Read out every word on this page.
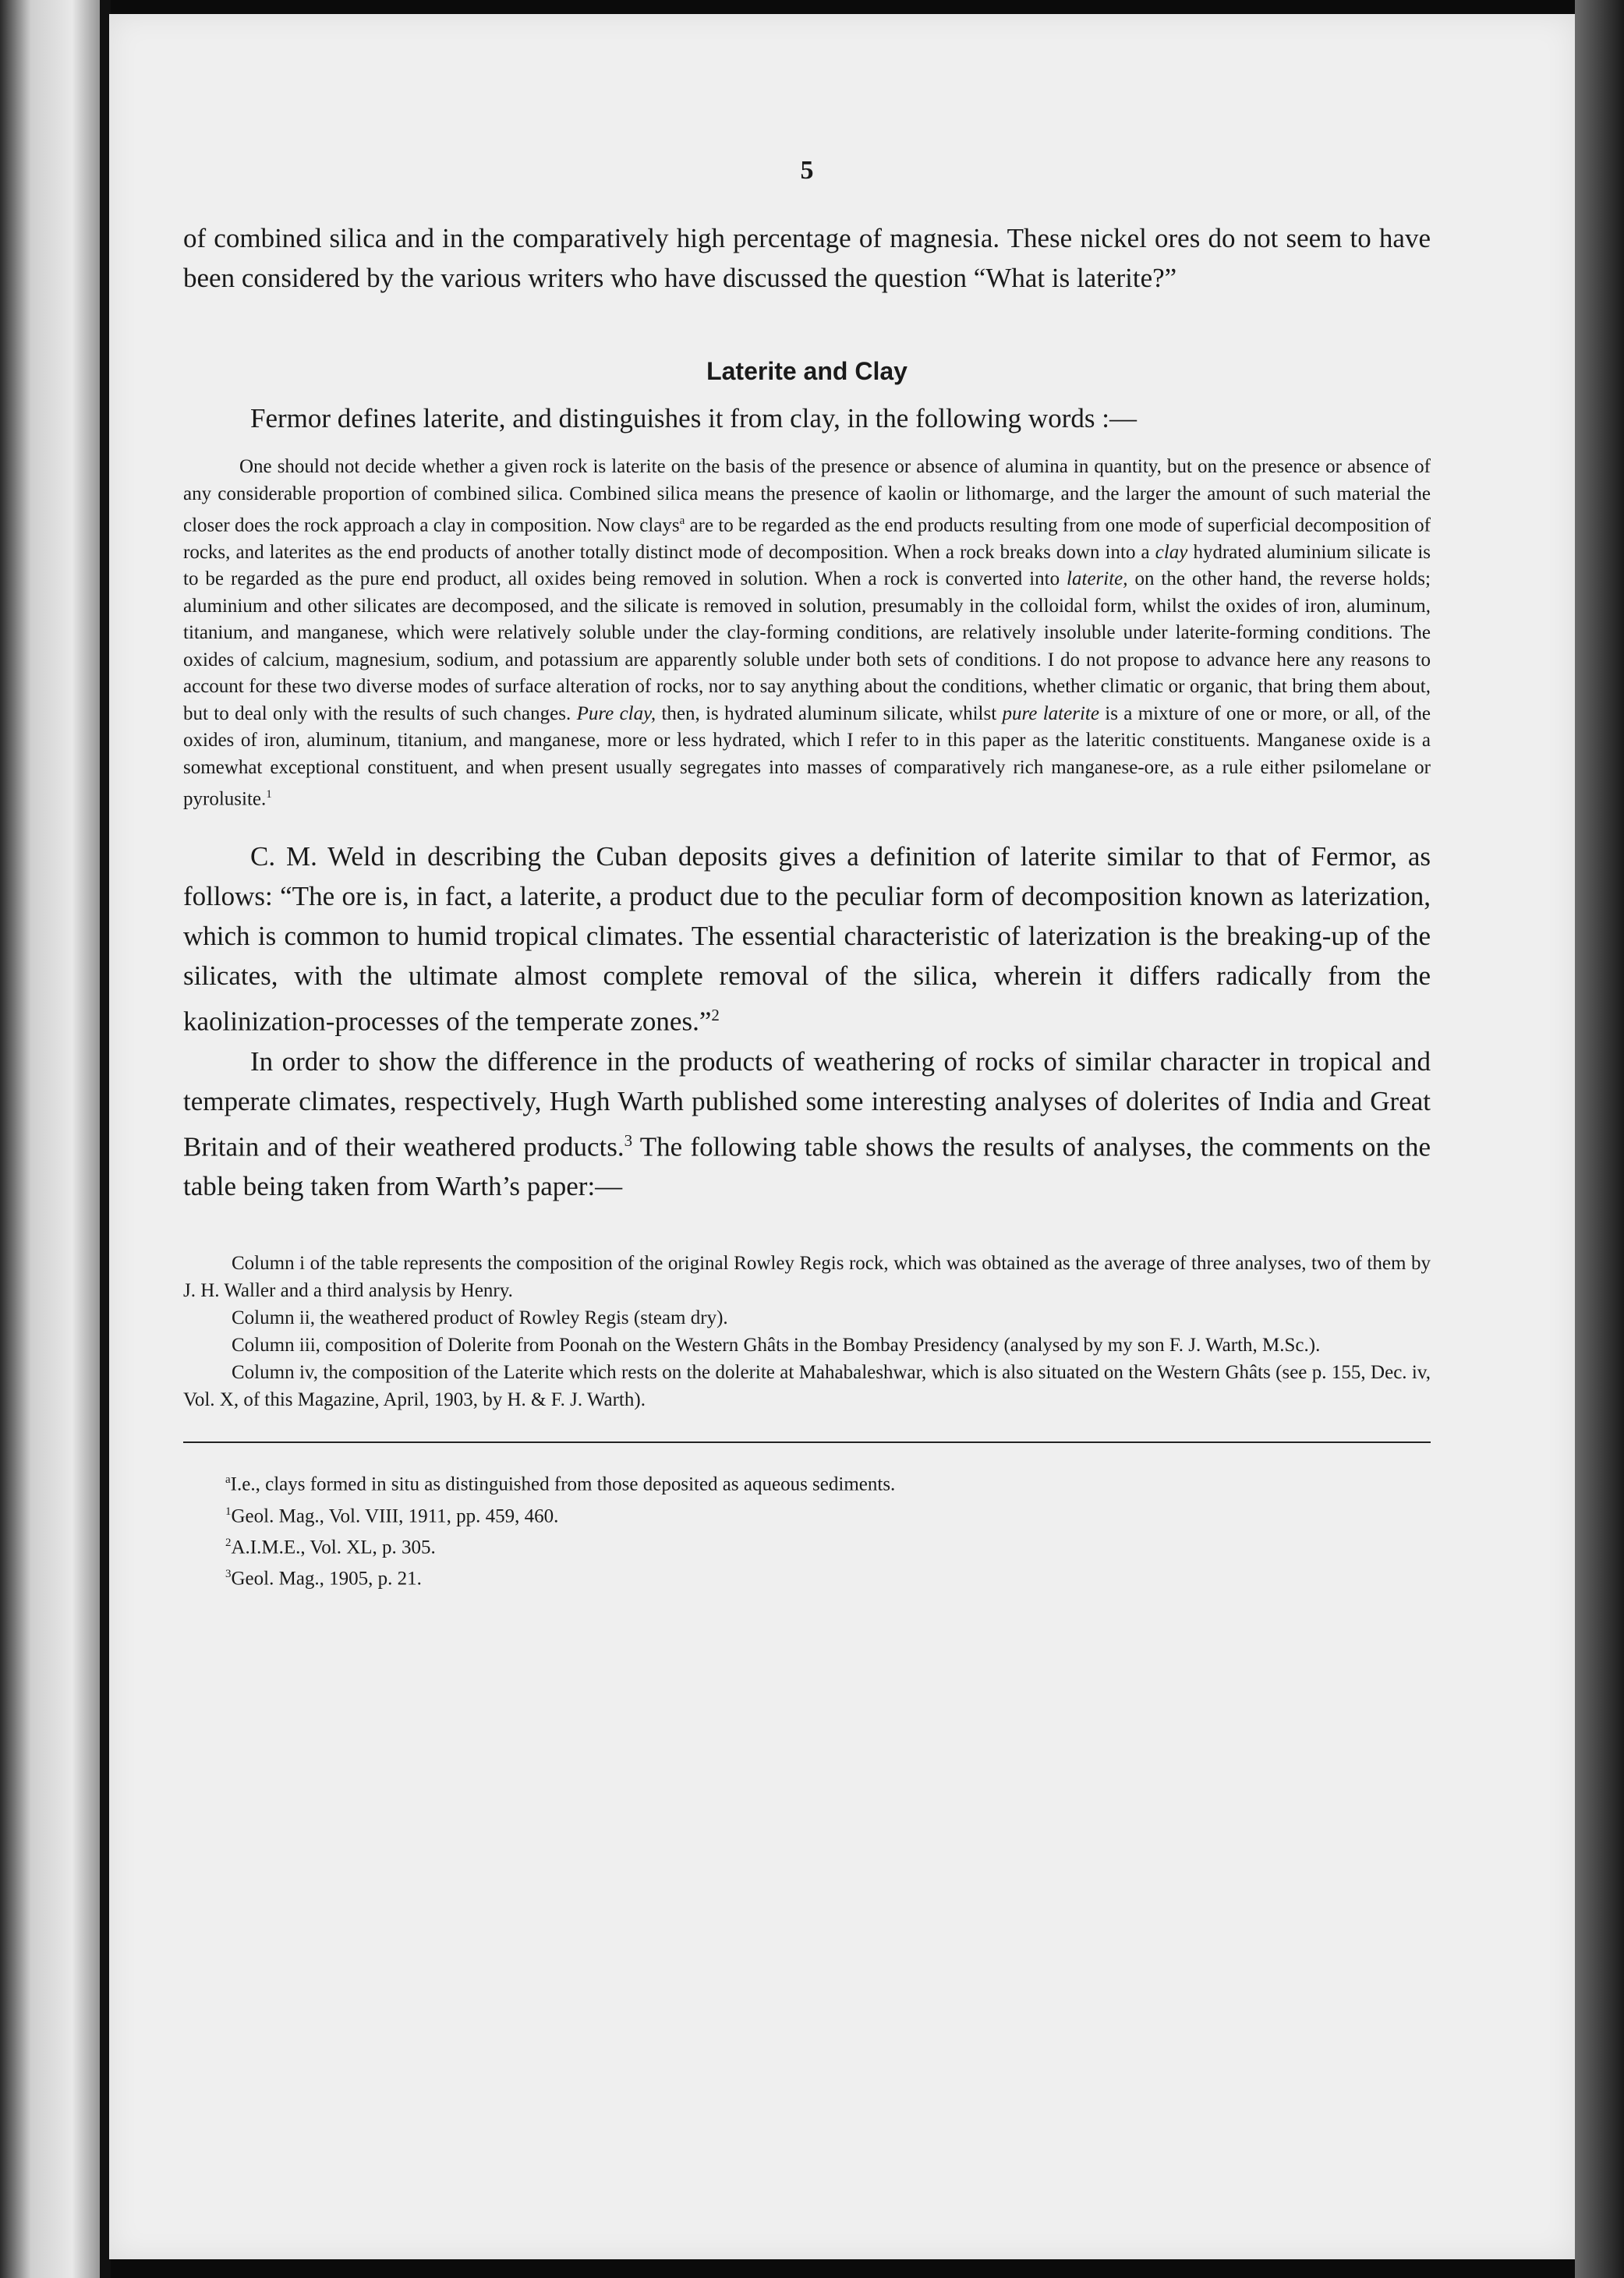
5

of combined silica and in the comparatively high percentage of magnesia. These nickel ores do not seem to have been considered by the various writers who have discussed the question “What is laterite?”

Laterite and Clay

Fermor defines laterite, and distinguishes it from clay, in the following words :—

One should not decide whether a given rock is laterite on the basis of the presence or absence of alumina in quantity, but on the presence or absence of any considerable proportion of combined silica. Combined silica means the presence of kaolin or lithomarge, and the larger the amount of such material the closer does the rock approach a clay in composition. Now clays$^a$ are to be regarded as the end products resulting from one mode of superficial decomposition of rocks, and laterites as the end products of another totally distinct mode of decomposition. When a rock breaks down into a clay hydrated aluminium silicate is to be regarded as the pure end product, all oxides being removed in solution. When a rock is converted into laterite, on the other hand, the reverse holds; aluminium and other silicates are decomposed, and the silicate is removed in solution, presumably in the colloidal form, whilst the oxides of iron, aluminum, titanium, and manganese, which were relatively soluble under the clay-forming conditions, are relatively insoluble under laterite-forming conditions. The oxides of calcium, magnesium, sodium, and potassium are apparently soluble under both sets of conditions. I do not propose to advance here any reasons to account for these two diverse modes of surface alteration of rocks, nor to say anything about the conditions, whether climatic or organic, that bring them about, but to deal only with the results of such changes. Pure clay, then, is hydrated aluminum silicate, whilst pure laterite is a mixture of one or more, or all, of the oxides of iron, aluminum, titanium, and manganese, more or less hydrated, which I refer to in this paper as the lateritic constituents. Manganese oxide is a somewhat exceptional constituent, and when present usually segregates into masses of comparatively rich manganese-ore, as a rule either psilomelane or pyrolusite.$^1$

C. M. Weld in describing the Cuban deposits gives a definition of laterite similar to that of Fermor, as follows: “The ore is, in fact, a laterite, a product due to the peculiar form of decomposition known as laterization, which is common to humid tropical climates. The essential characteristic of laterization is the breaking-up of the silicates, with the ultimate almost complete removal of the silica, wherein it differs radically from the kaolinization-processes of the temperate zones.”$^2$

In order to show the difference in the products of weathering of rocks of similar character in tropical and temperate climates, respectively, Hugh Warth published some interesting analyses of dolerites of India and Great Britain and of their weathered products.$^3$ The following table shows the results of analyses, the comments on the table being taken from Warth’s paper:—

Column i of the table represents the composition of the original Rowley Regis rock, which was obtained as the average of three analyses, two of them by J. H. Waller and a third analysis by Henry.

Column ii, the weathered product of Rowley Regis (steam dry).

Column iii, composition of Dolerite from Poonah on the Western Ghâts in the Bombay Presidency (analysed by my son F. J. Warth, M.Sc.).

Column iv, the composition of the Laterite which rests on the dolerite at Mahabaleshwar, which is also situated on the Western Ghâts (see p. 155, Dec. iv, Vol. X, of this Magazine, April, 1903, by H. & F. J. Warth).

$^a$I.e., clays formed in situ as distinguished from those deposited as aqueous sediments.
$^1$Geol. Mag., Vol. VIII, 1911, pp. 459, 460.
$^2$A.I.M.E., Vol. XL, p. 305.
$^3$Geol. Mag., 1905, p. 21.
